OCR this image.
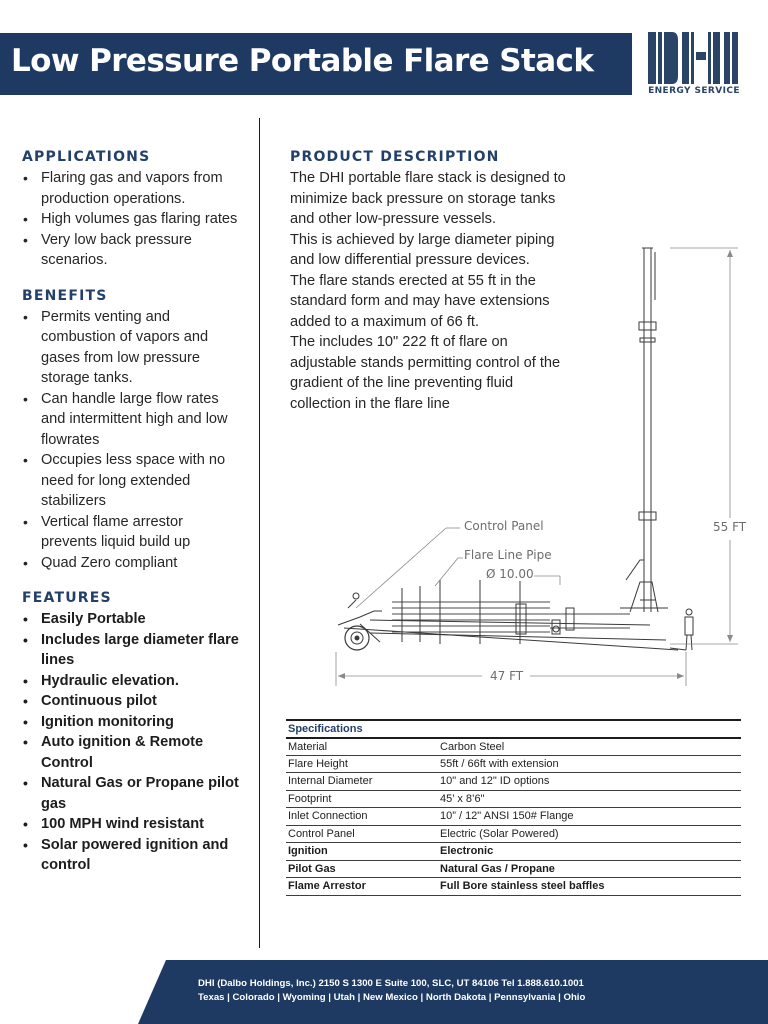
Low Pressure Portable Flare Stack
ENERGY SERVICE
APPLICATIONS
• Flaring gas and vapors from
production operations.
• High volumes gas flaring rates
• Very low back pressure
scenarios.
BENEFITS
• Permits venting and
combustion of vapors and
gases from low pressure
storage tanks.
• Can handle large flow rates
and intermittent high and low
flowrates
• Occupies less space with no
need for long extended
stabilizers
• Vertical flame arrestor
prevents liquid build up
• Quad Zero compliant
FEATURES
• Easily Portable
• Includes large diameter flare
lines
• Hydraulic elevation.
• Continuous pilot
• Ignition monitoring
• Auto ignition & Remote
Control
• Natural Gas or Propane pilot
gas
• 100 MPH wind resistant
• Solar powered ignition and
control
PRODUCT DESCRIPTION
The DHI portable flare stack is designed to
minimize back pressure on storage tanks
and other low-pressure vessels.
This is achieved by large diameter piping
and low differential pressure devices.
The flare stands erected at 55 ft in the
standard form and may have extensions
added to a maximum of 66 ft.
The includes 10" 222 ft of flare on
adjustable stands permitting control of the
gradient of the line preventing fluid
collection in the flare line
Control Panel
Flare Line Pipe
Ø 10.00
55 FT
47 FT
Specifications	
Material	Carbon Steel
Flare Height	55ft / 66ft with extension
Internal Diameter	10" and 12" ID options
Footprint	45’ x 8’6"
Inlet Connection	10” / 12" ANSI 150# Flange
Control Panel	Electric (Solar Powered)
Ignition	Electronic
Pilot Gas	Natural Gas / Propane
Flame Arrestor	Full Bore stainless steel baffles
DHI (Dalbo Holdings, Inc.) 2150 S 1300 E Suite 100, SLC, UT 84106 Tel 1.888.610.1001
Texas | Colorado | Wyoming | Utah | New Mexico | North Dakota | Pennsylvania | Ohio
